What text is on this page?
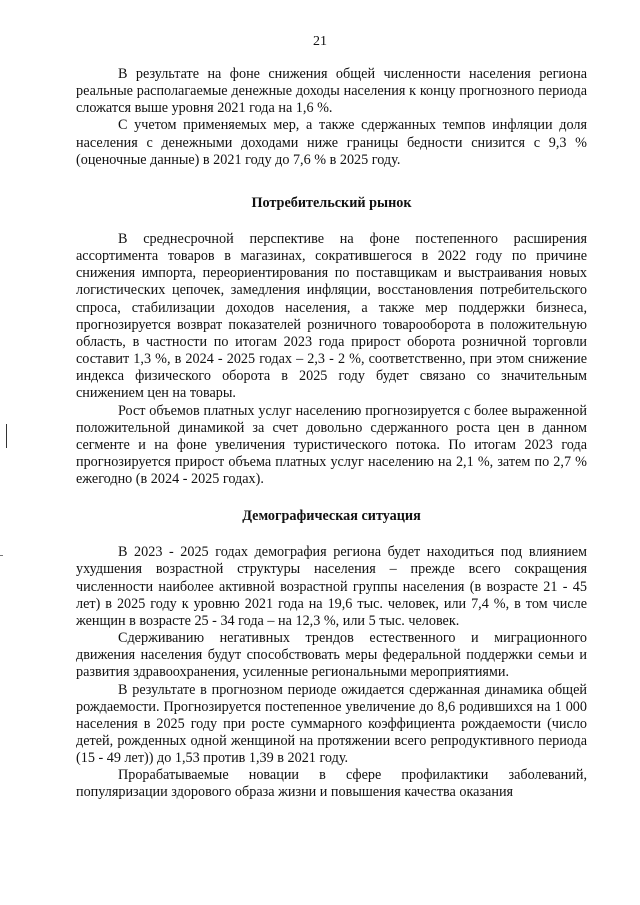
21

В результате на фоне снижения общей численности населения региона реальные располагаемые денежные доходы населения к концу прогнозного периода сложатся выше уровня 2021 года на 1,6 %.

С учетом применяемых мер, а также сдержанных темпов инфляции доля населения с денежными доходами ниже границы бедности снизится с 9,3 % (оценочные данные) в 2021 году до 7,6 % в 2025 году.

Потребительский рынок

В среднесрочной перспективе на фоне постепенного расширения ассортимента товаров в магазинах, сократившегося в 2022 году по причине снижения импорта, переориентирования по поставщикам и выстраивания новых логистических цепочек, замедления инфляции, восстановления потребительского спроса, стабилизации доходов населения, а также мер поддержки бизнеса, прогнозируется возврат показателей розничного товарооборота в положительную область, в частности по итогам 2023 года прирост оборота розничной торговли составит 1,3 %, в 2024 - 2025 годах – 2,3 - 2 %, соответственно, при этом снижение индекса физического оборота в 2025 году будет связано со значительным снижением цен на товары.

Рост объемов платных услуг населению прогнозируется с более выраженной положительной динамикой за счет довольно сдержанного роста цен в данном сегменте и на фоне увеличения туристического потока. По итогам 2023 года прогнозируется прирост объема платных услуг населению на 2,1 %, затем по 2,7 % ежегодно (в 2024 - 2025 годах).

Демографическая ситуация

В 2023 - 2025 годах демография региона будет находиться под влиянием ухудшения возрастной структуры населения – прежде всего сокращения численности наиболее активной возрастной группы населения (в возрасте 21 - 45 лет) в 2025 году к уровню 2021 года на 19,6 тыс. человек, или 7,4 %, в том числе женщин в возрасте 25 - 34 года – на 12,3 %, или 5 тыс. человек.

Сдерживанию негативных трендов естественного и миграционного движения населения будут способствовать меры федеральной поддержки семьи и развития здравоохранения, усиленные региональными мероприятиями.

В результате в прогнозном периоде ожидается сдержанная динамика общей рождаемости. Прогнозируется постепенное увеличение до 8,6 родившихся на 1 000 населения в 2025 году при росте суммарного коэффициента рождаемости (число детей, рожденных одной женщиной на протяжении всего репродуктивного периода (15 - 49 лет)) до 1,53 против 1,39 в 2021 году.

Прорабатываемые новации в сфере профилактики заболеваний, популяризации здорового образа жизни и повышения качества оказания
